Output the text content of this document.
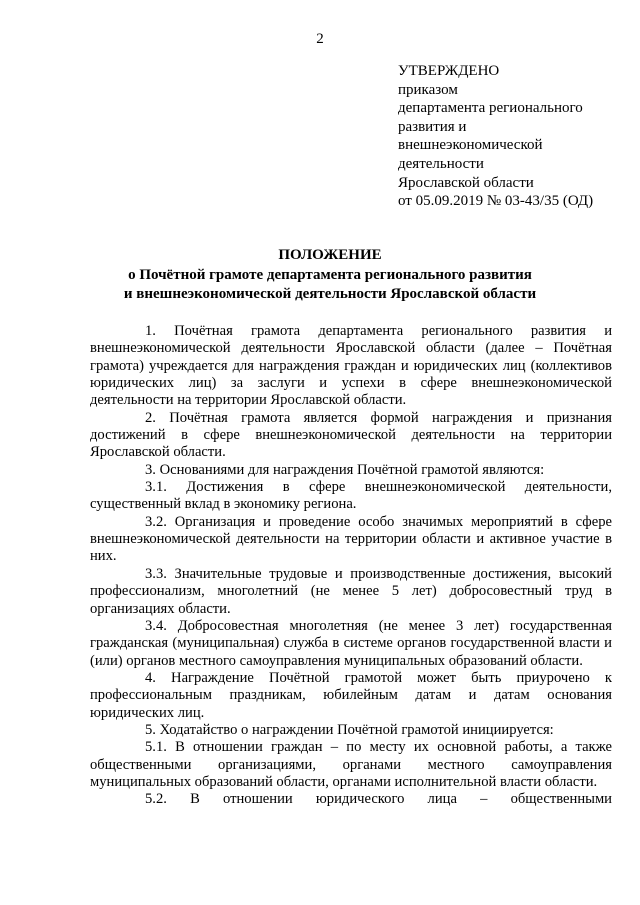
2
УТВЕРЖДЕНО
приказом
департамента регионального
развития и
внешнеэкономической
деятельности
Ярославской области
от 05.09.2019 № 03-43/35 (ОД)
ПОЛОЖЕНИЕ
о Почётной грамоте департамента регионального развития
и внешнеэкономической деятельности Ярославской области

1. Почётная грамота департамента регионального развития и внешнеэкономической деятельности Ярославской области (далее – Почётная грамота) учреждается для награждения граждан и юридических лиц (коллективов юридических лиц) за заслуги и успехи в сфере внешнеэкономической деятельности на территории Ярославской области.

2. Почётная грамота является формой награждения и признания достижений в сфере внешнеэкономической деятельности на территории Ярославской области.

3. Основаниями для награждения Почётной грамотой являются:

3.1. Достижения в сфере внешнеэкономической деятельности, существенный вклад в экономику региона.

3.2. Организация и проведение особо значимых мероприятий в сфере внешнеэкономической деятельности на территории области и активное участие в них.

3.3. Значительные трудовые и производственные достижения, высокий профессионализм, многолетний (не менее 5 лет) добросовестный труд в организациях области.

3.4. Добросовестная многолетняя (не менее 3 лет) государственная гражданская (муниципальная) служба в системе органов государственной власти и (или) органов местного самоуправления муниципальных образований области.

4. Награждение Почётной грамотой может быть приурочено к профессиональным праздникам, юбилейным датам и датам основания юридических лиц.

5. Ходатайство о награждении Почётной грамотой инициируется:

5.1. В отношении граждан – по месту их основной работы, а также общественными организациями, органами местного самоуправления муниципальных образований области, органами исполнительной власти области.

5.2. В отношении юридического лица – общественными
